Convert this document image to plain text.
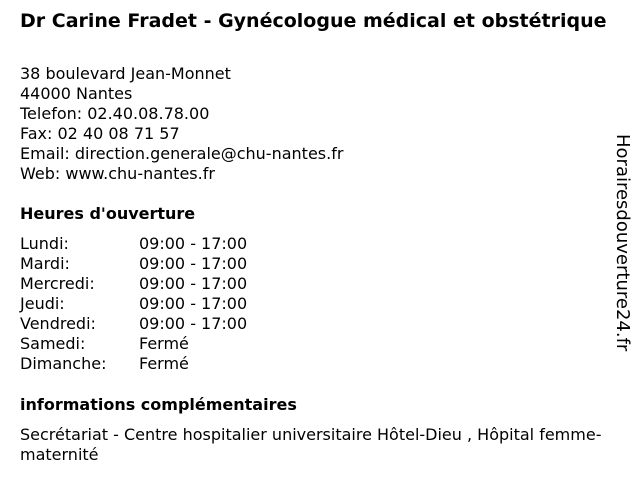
Dr Carine Fradet - Gynécologue médical et obstétrique
38 boulevard Jean-Monnet
44000 Nantes
Telefon: 02.40.08.78.00
Fax: 02 40 08 71 57
Email: direction.generale@chu-nantes.fr
Web: www.chu-nantes.fr
Heures d'ouverture
Lundi:	09:00 - 17:00
Mardi:	09:00 - 17:00
Mercredi:	09:00 - 17:00
Jeudi:	09:00 - 17:00
Vendredi:	09:00 - 17:00
Samedi:	Fermé
Dimanche: Fermé
informations complémentaires
Secrétariat - Centre hospitalier universitaire Hôtel-Dieu , Hôpital femme-maternité
Horairesdouverture24.fr
